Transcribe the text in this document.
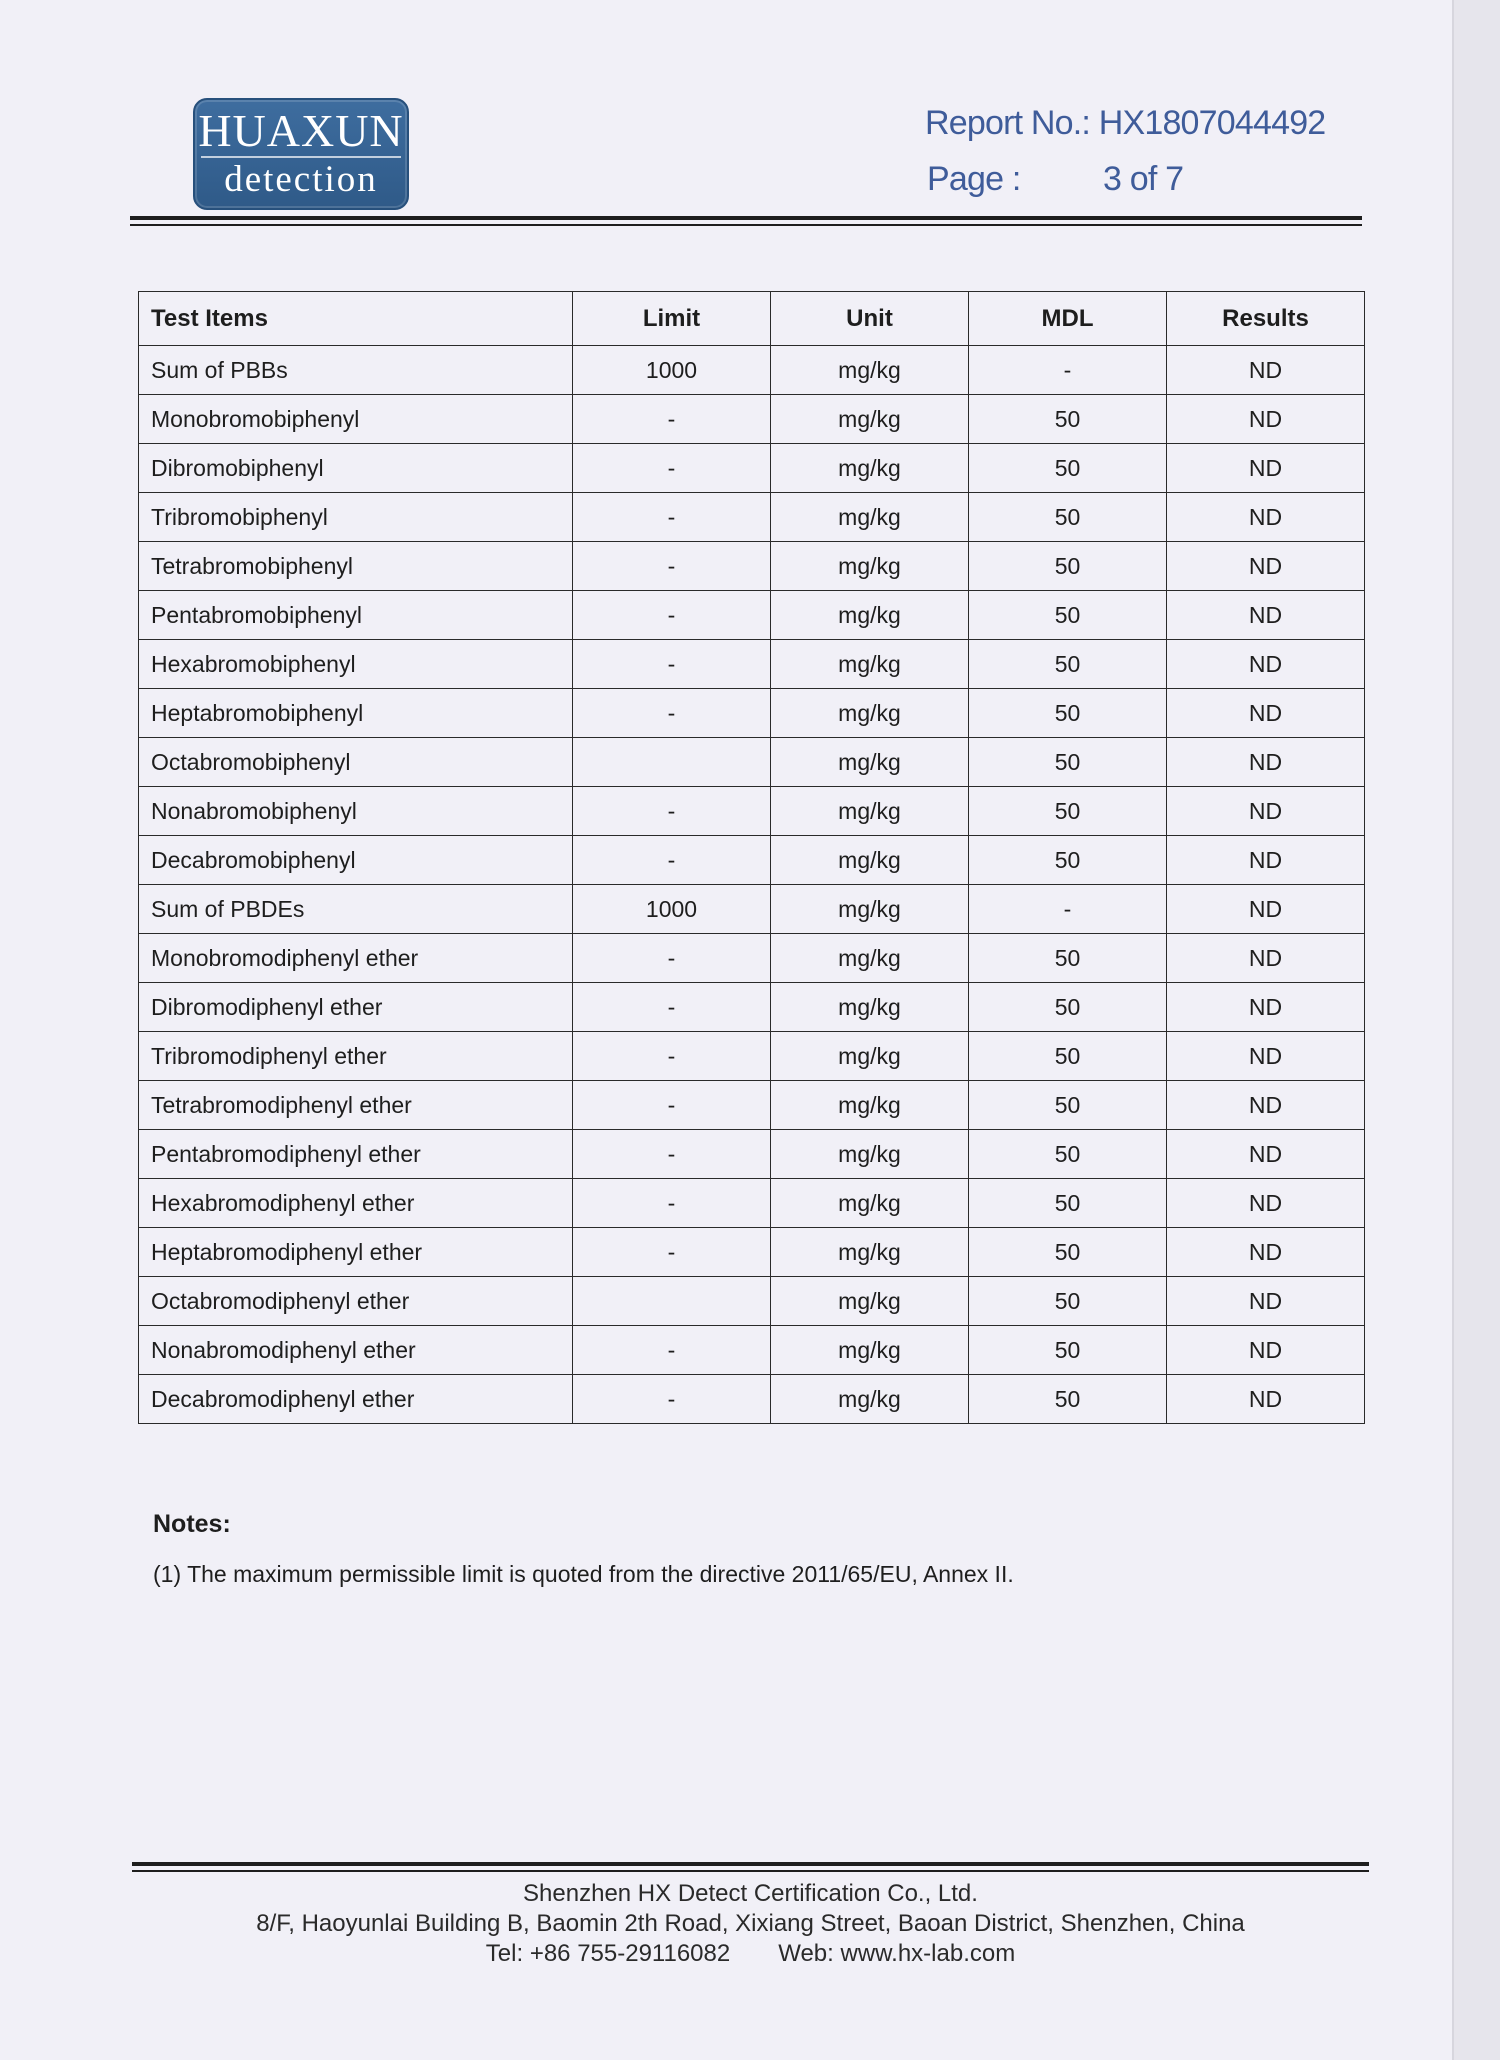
HUAXUN
detection
Report No.: HX1807044492
Page : 3 of 7
Test Items	Limit	Unit	MDL	Results
Sum of PBBs	1000	mg/kg	-	ND
Monobromobiphenyl	-	mg/kg	50	ND
Dibromobiphenyl	-	mg/kg	50	ND
Tribromobiphenyl	-	mg/kg	50	ND
Tetrabromobiphenyl	-	mg/kg	50	ND
Pentabromobiphenyl	-	mg/kg	50	ND
Hexabromobiphenyl	-	mg/kg	50	ND
Heptabromobiphenyl	-	mg/kg	50	ND
Octabromobiphenyl		mg/kg	50	ND
Nonabromobiphenyl	-	mg/kg	50	ND
Decabromobiphenyl	-	mg/kg	50	ND
Sum of PBDEs	1000	mg/kg	-	ND
Monobromodiphenyl ether	-	mg/kg	50	ND
Dibromodiphenyl ether	-	mg/kg	50	ND
Tribromodiphenyl ether	-	mg/kg	50	ND
Tetrabromodiphenyl ether	-	mg/kg	50	ND
Pentabromodiphenyl ether	-	mg/kg	50	ND
Hexabromodiphenyl ether	-	mg/kg	50	ND
Heptabromodiphenyl ether	-	mg/kg	50	ND
Octabromodiphenyl ether		mg/kg	50	ND
Nonabromodiphenyl ether	-	mg/kg	50	ND
Decabromodiphenyl ether	-	mg/kg	50	ND
Notes:
(1) The maximum permissible limit is quoted from the directive 2011/65/EU, Annex II.
Shenzhen HX Detect Certification Co., Ltd.
8/F, Haoyunlai Building B, Baomin 2th Road, Xixiang Street, Baoan District, Shenzhen, China
Tel: +86 755-29116082 Web: www.hx-lab.com
